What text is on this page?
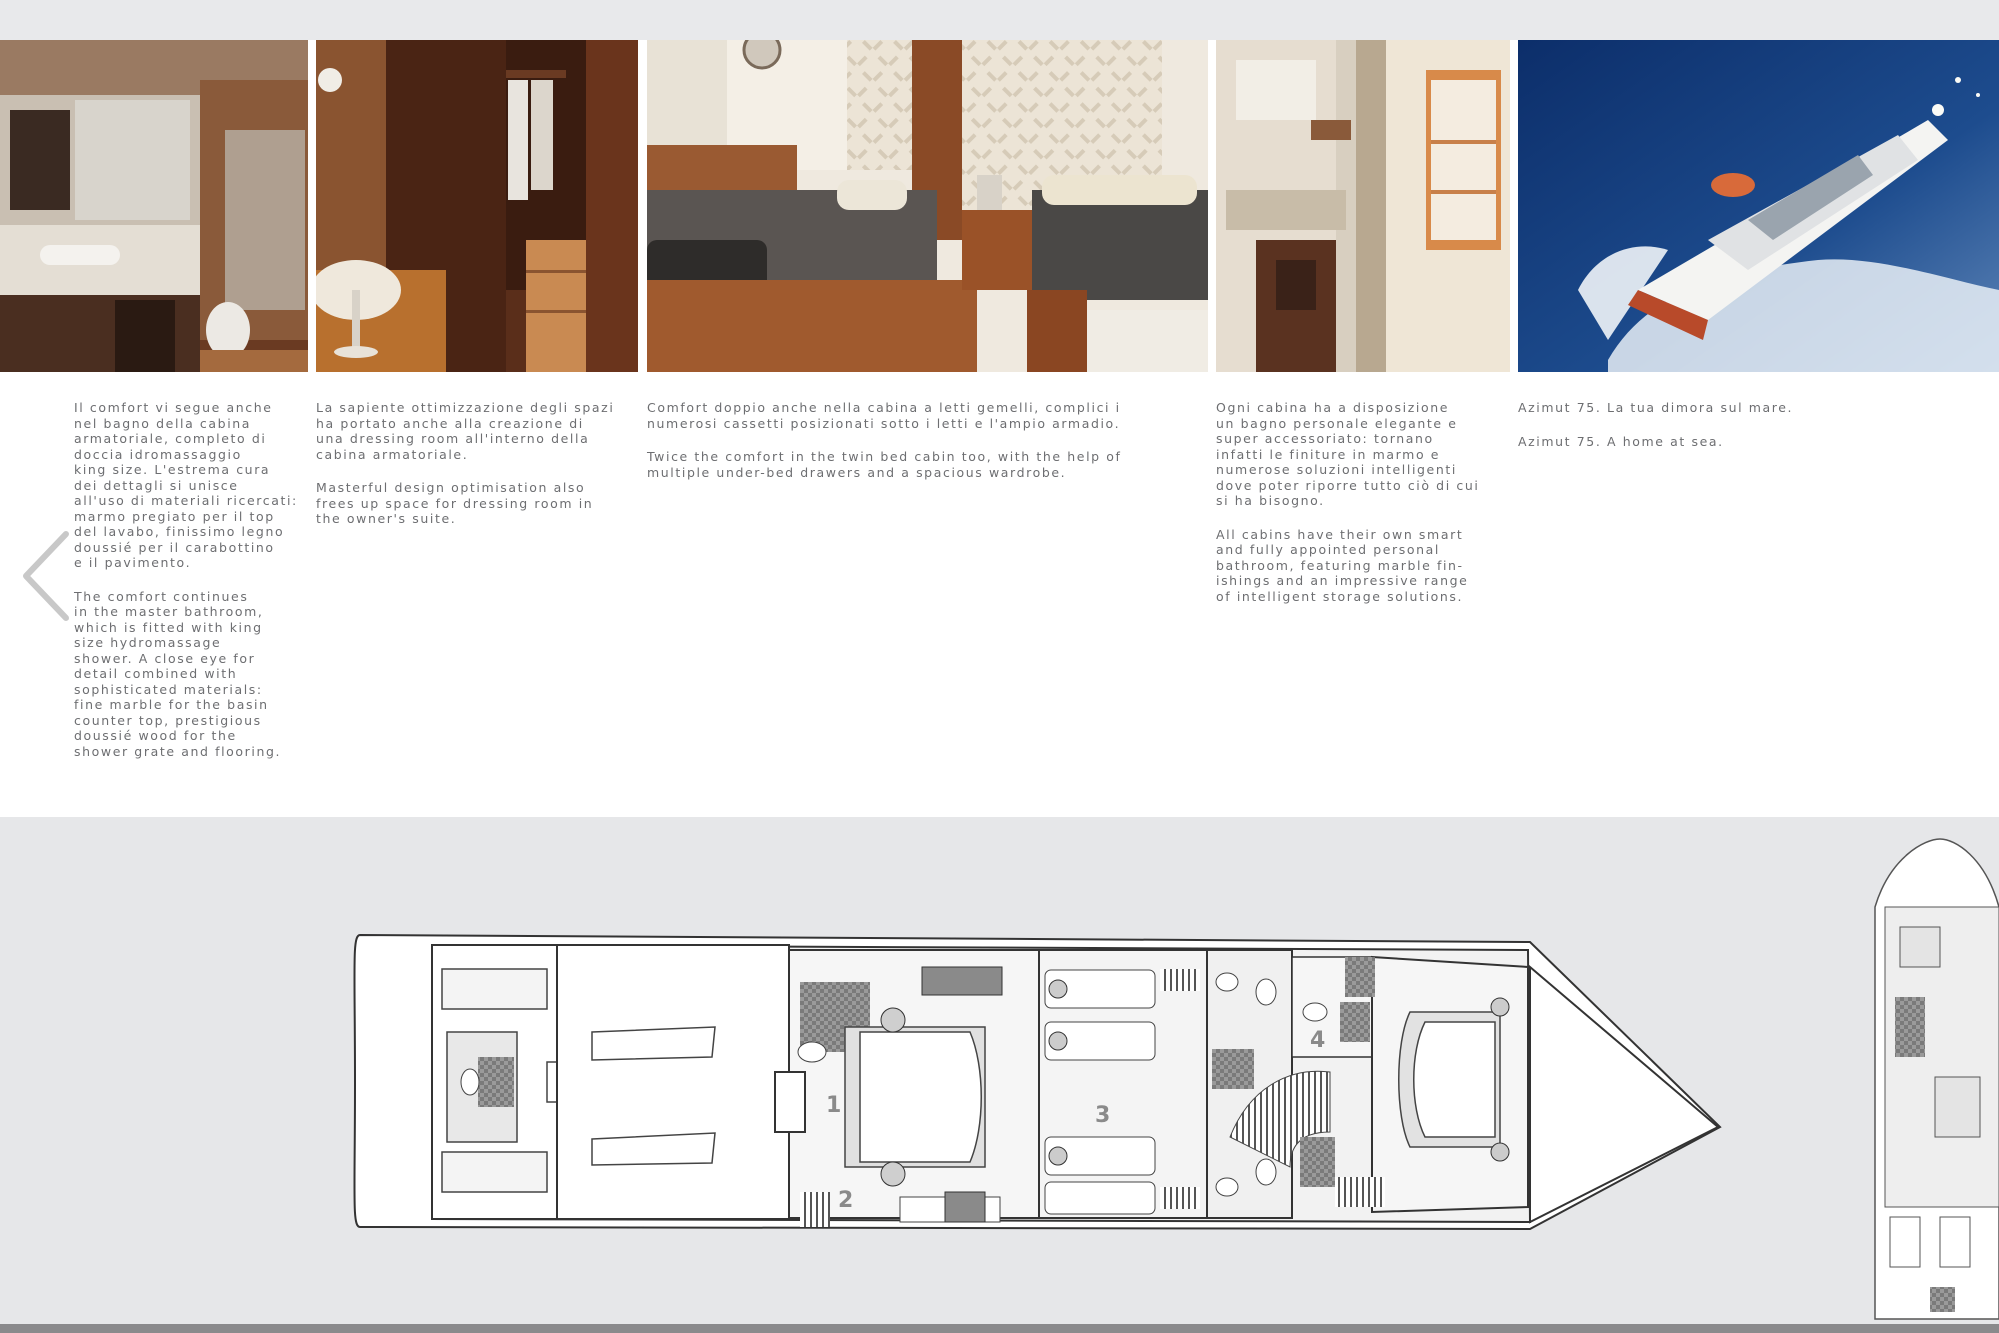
Il comfort vi segue anche
nel bagno della cabina
armatoriale, completo di
doccia idromassaggio
king size. L'estrema cura
dei dettagli si unisce
all'uso di materiali ricercati:
marmo pregiato per il top
del lavabo, finissimo legno
doussié per il carabottino
e il pavimento.

The comfort continues
in the master bathroom,
which is fitted with king
size hydromassage
shower. A close eye for
detail combined with
sophisticated materials:
fine marble for the basin
counter top, prestigious
doussié wood for the
shower grate and flooring.

La sapiente ottimizzazione degli spazi
ha portato anche alla creazione di
una dressing room all'interno della
cabina armatoriale.

Masterful design optimisation also
frees up space for dressing room in
the owner's suite.

Comfort doppio anche nella cabina a letti gemelli, complici i
numerosi cassetti posizionati sotto i letti e l'ampio armadio.

Twice the comfort in the twin bed cabin too, with the help of
multiple under-bed drawers and a spacious wardrobe.

Ogni cabina ha a disposizione
un bagno personale elegante e
super accessoriato: tornano
infatti le finiture in marmo e
numerose soluzioni intelligenti
dove poter riporre tutto ciò di cui
si ha bisogno.

All cabins have their own smart
and fully appointed personal
bathroom, featuring marble fin-
ishings and an impressive range
of intelligent storage solutions.

Azimut 75. La tua dimora sul mare.

Azimut 75. A home at sea.

1
2
3
4
